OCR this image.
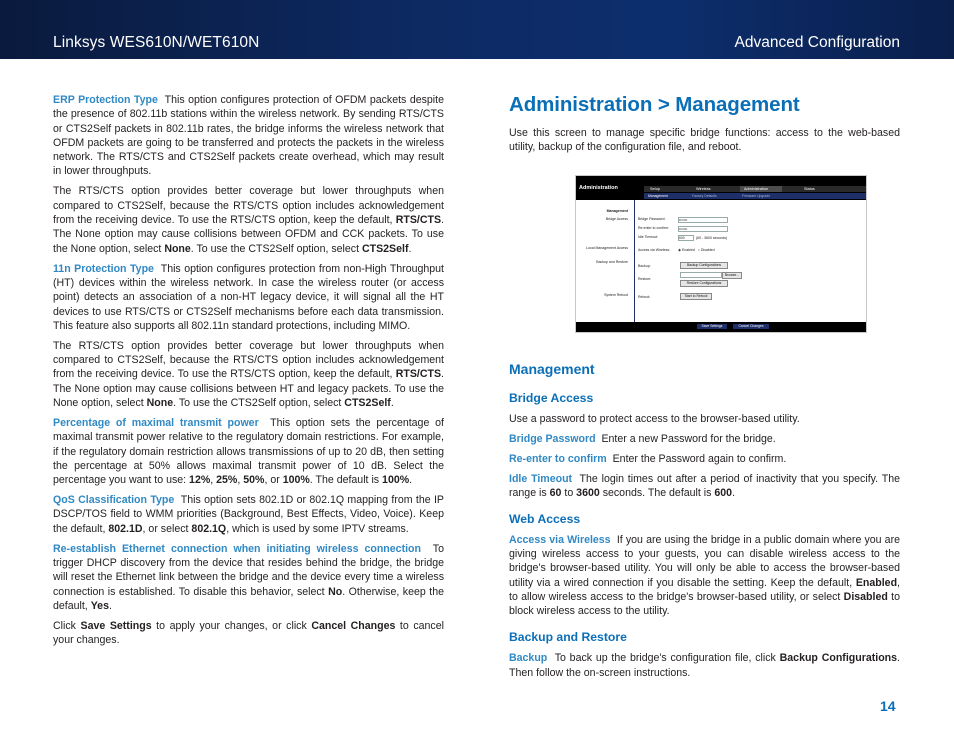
Linksys WES610N/WET610N	Advanced Configuration

ERP Protection Type This option configures protection of OFDM packets despite the presence of 802.11b stations within the wireless network. By sending RTS/CTS or CTS2Self packets in 802.11b rates, the bridge informs the wireless network that OFDM packets are going to be transferred and protects the packets in the wireless network. The RTS/CTS and CTS2Self packets create overhead, which may result in lower throughputs.

The RTS/CTS option provides better coverage but lower throughputs when compared to CTS2Self, because the RTS/CTS option includes acknowledgement from the receiving device. To use the RTS/CTS option, keep the default, RTS/CTS. The None option may cause collisions between OFDM and CCK packets. To use the None option, select None. To use the CTS2Self option, select CTS2Self.

11n Protection Type This option configures protection from non-High Throughput (HT) devices within the wireless network. In case the wireless router (or access point) detects an association of a non-HT legacy device, it will signal all the HT devices to use RTS/CTS or CTS2Self mechanisms before each data transmission. This feature also supports all 802.11n standard protections, including MIMO.

The RTS/CTS option provides better coverage but lower throughputs when compared to CTS2Self, because the RTS/CTS option includes acknowledgement from the receiving device. To use the RTS/CTS option, keep the default, RTS/CTS. The None option may cause collisions between HT and legacy packets. To use the None option, select None. To use the CTS2Self option, select CTS2Self.

Percentage of maximal transmit power This option sets the percentage of maximal transmit power relative to the regulatory domain restrictions. For example, if the regulatory domain restriction allows transmissions of up to 20 dB, then setting the percentage at 50% allows maximal transmit power of 10 dB. Select the percentage you want to use: 12%, 25%, 50%, or 100%. The default is 100%.

QoS Classification Type This option sets 802.1D or 802.1Q mapping from the IP DSCP/TOS field to WMM priorities (Background, Best Effects, Video, Voice). Keep the default, 802.1D, or select 802.1Q, which is used by some IPTV streams.

Re-establish Ethernet connection when initiating wireless connection To trigger DHCP discovery from the device that resides behind the bridge, the bridge will reset the Ethernet link between the bridge and the device every time a wireless connection is established. To disable this behavior, select No. Otherwise, keep the default, Yes.

Click Save Settings to apply your changes, or click Cancel Changes to cancel your changes.

Administration > Management

Use this screen to manage specific bridge functions: access to the web-based utility, backup of the configuration file, and reboot.

Administration	Setup	Wireless	Administration	Status
Management	Factory Defaults	Firmware Upgrade
Management
Bridge Access
Local Management Access
Backup and Restore
System Reboot
Bridge Password:	•••••••
Re-enter to confirm:	•••••••
Idle Timeout:	600	(60 - 3600 seconds)
Access via Wireless: ◉ Enabled   ○ Disabled
Backup:	Backup Configurations
Restore:
Browse...
Restore Configurations
Reboot:	Start to Reboot
Save Settings	Cancel Changes
Management
Bridge Access

Use a password to protect access to the browser-based utility.

Bridge Password Enter a new Password for the bridge.

Re-enter to confirm Enter the Password again to confirm.

Idle Timeout The login times out after a period of inactivity that you specify. The range is 60 to 3600 seconds. The default is 600.

Web Access

Access via Wireless If you are using the bridge in a public domain where you are giving wireless access to your guests, you can disable wireless access to the bridge's browser-based utility. You will only be able to access the browser-based utility via a wired connection if you disable the setting. Keep the default, Enabled, to allow wireless access to the bridge's browser-based utility, or select Disabled to block wireless access to the utility.

Backup and Restore

Backup To back up the bridge's configuration file, click Backup Configurations. Then follow the on-screen instructions.

14
